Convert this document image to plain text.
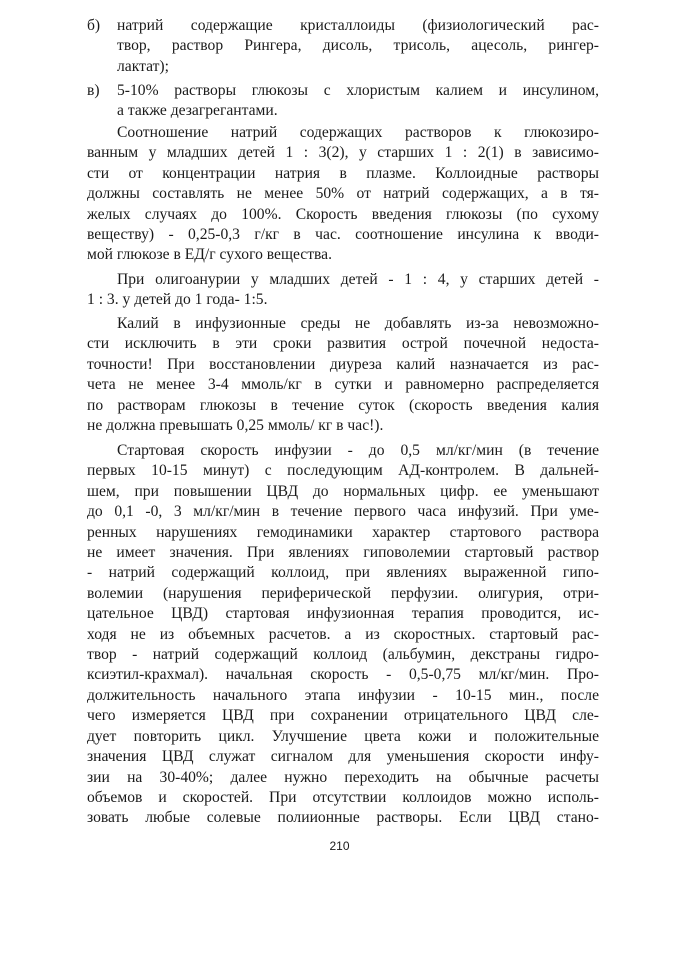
б)	натрий содержащие кристаллоиды (физиологический рас-
твор, раствор Рингера, дисоль, трисоль, ацесоль, рингер-
лактат);
в)	5-10% растворы глюкозы с хлористым калием и инсулином,
а также дезагрегантами.
Соотношение натрий содержащих растворов к глюкозиро-
ванным у младших детей 1 : 3(2), у старших 1 : 2(1) в зависимо-
сти от концентрации натрия в плазме. Коллоидные растворы
должны составлять не менее 50% от натрий содержащих, а в тя-
желых случаях до 100%. Скорость введения глюкозы (по сухому
веществу) - 0,25-0,3 г/кг в час. соотношение инсулина к вводи-
мой глюкозе в ЕД/г сухого вещества.
При олигоанурии у младших детей - 1 : 4, у старших детей -
1 : 3. у детей до 1 года- 1:5.
Калий в инфузионные среды не добавлять из-за невозможно-
сти исключить в эти сроки развития острой почечной недоста-
точности! При восстановлении диуреза калий назначается из рас-
чета не менее 3-4 ммоль/кг в сутки и равномерно распределяется
по растворам глюкозы в течение суток (скорость введения калия
не должна превышать 0,25 ммоль/ кг в час!).
Стартовая скорость инфузии - до 0,5 мл/кг/мин (в течение
первых 10-15 минут) с последующим АД-контролем. В дальней-
шем, при повышении ЦВД до нормальных цифр. ее уменьшают
до 0,1 -0, 3 мл/кг/мин в течение первого часа инфузий. При уме-
ренных нарушениях гемодинамики характер стартового раствора
не имеет значения. При явлениях гиповолемии стартовый раствор
- натрий содержащий коллоид, при явлениях выраженной гипо-
волемии (нарушения периферической перфузии. олигурия, отри-
цательное ЦВД) стартовая инфузионная терапия проводится, ис-
ходя не из объемных расчетов. а из скоростных. стартовый рас-
твор - натрий содержащий коллоид (альбумин, декстраны гидро-
ксиэтил-крахмал). начальная скорость - 0,5-0,75 мл/кг/мин. Про-
должительность начального этапа инфузии - 10-15 мин., после
чего измеряется ЦВД при сохранении отрицательного ЦВД сле-
дует повторить цикл. Улучшение цвета кожи и положительные
значения ЦВД служат сигналом для уменьшения скорости инфу-
зии на 30-40%; далее нужно переходить на обычные расчеты
объемов и скоростей. При отсутствии коллоидов можно исполь-
зовать любые солевые полиионные растворы. Если ЦВД стано-
210
